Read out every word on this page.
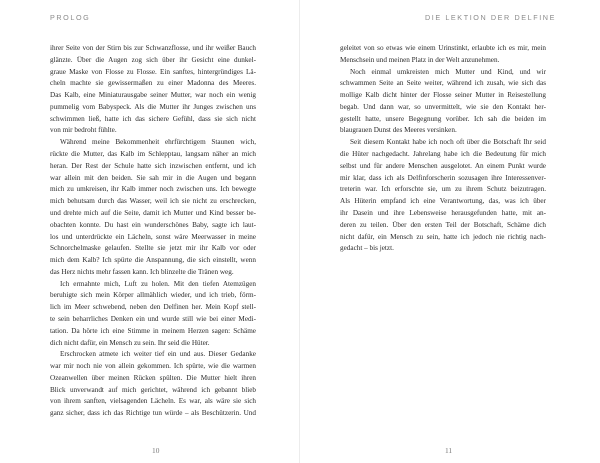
PROLOG
ihrer Seite von der Stirn bis zur Schwanzflosse, und ihr weißer Bauch
glänzte. Über die Augen zog sich über ihr Gesicht eine dunkel-
graue Maske von Flosse zu Flosse. Ein sanftes, hintergründiges Lä-
cheln machte sie gewissermaßen zu einer Madonna des Meeres.
Das Kalb, eine Miniaturausgabe seiner Mutter, war noch ein wenig
pummelig vom Babyspeck. Als die Mutter ihr Junges zwischen uns
schwimmen ließ, hatte ich das sichere Gefühl, dass sie sich nicht
von mir bedroht fühlte.
Während meine Bekommenheit ehrfürchtigem Staunen wich,
rückte die Mutter, das Kalb im Schlepptau, langsam näher an mich
heran. Der Rest der Schule hatte sich inzwischen entfernt, und ich
war allein mit den beiden. Sie sah mir in die Augen und begann
mich zu umkreisen, ihr Kalb immer noch zwischen uns. Ich bewegte
mich behutsam durch das Wasser, weil ich sie nicht zu erschrecken,
und drehte mich auf die Seite, damit ich Mutter und Kind besser be-
obachten konnte. Du hast ein wunderschönes Baby, sagte ich laut-
los und unterdrückte ein Lächeln, sonst wäre Meerwasser in meine
Schnorchelmaske gelaufen. Stellte sie jetzt mir ihr Kalb vor oder
mich dem Kalb? Ich spürte die Anspannung, die sich einstellt, wenn
das Herz nichts mehr fassen kann. Ich blinzelte die Tränen weg.
Ich ermahnte mich, Luft zu holen. Mit den tiefen Atemzügen
beruhigte sich mein Körper allmählich wieder, und ich trieb, förm-
lich im Meer schwebend, neben den Delfinen her. Mein Kopf stell-
te sein beharrliches Denken ein und wurde still wie bei einer Medi-
tation. Da hörte ich eine Stimme in meinem Herzen sagen: Schäme
dich nicht dafür, ein Mensch zu sein. Ihr seid die Hüter.
Erschrocken atmete ich weiter tief ein und aus. Dieser Gedanke
war mir noch nie von allein gekommen. Ich spürte, wie die warmen
Ozeanwellen über meinen Rücken spülten. Die Mutter hielt ihren
Blick unverwandt auf mich gerichtet, während ich gebannt blieb
von ihrem sanften, vielsagenden Lächeln. Es war, als wäre sie sich
ganz sicher, dass ich das Richtige tun würde – als Beschützerin. Und
10
DIE LEKTION DER DELFINE
geleitet von so etwas wie einem Urinstinkt, erlaubte ich es mir, mein
Menschsein und meinen Platz in der Welt anzunehmen.
Noch einmal umkreisten mich Mutter und Kind, und wir
schwammen Seite an Seite weiter, während ich zusah, wie sich das
mollige Kalb dicht hinter der Flosse seiner Mutter in Reisestellung
begab. Und dann war, so unvermittelt, wie sie den Kontakt her-
gestellt hatte, unsere Begegnung vorüber. Ich sah die beiden im
blaugrauen Dunst des Meeres versinken.
Seit diesem Kontakt habe ich noch oft über die Botschaft Ihr seid
die Hüter nachgedacht. Jahrelang habe ich die Bedeutung für mich
selbst und für andere Menschen ausgelotet. An einem Punkt wurde
mir klar, dass ich als Delfinforscherin sozusagen ihre Interessenver-
treterin war. Ich erforschte sie, um zu ihrem Schutz beizutragen.
Als Hüterin empfand ich eine Verantwortung, das, was ich über
ihr Dasein und ihre Lebensweise herausgefunden hatte, mit an-
deren zu teilen. Über den ersten Teil der Botschaft, Schäme dich
nicht dafür, ein Mensch zu sein, hatte ich jedoch nie richtig nach-
gedacht – bis jetzt.
11
